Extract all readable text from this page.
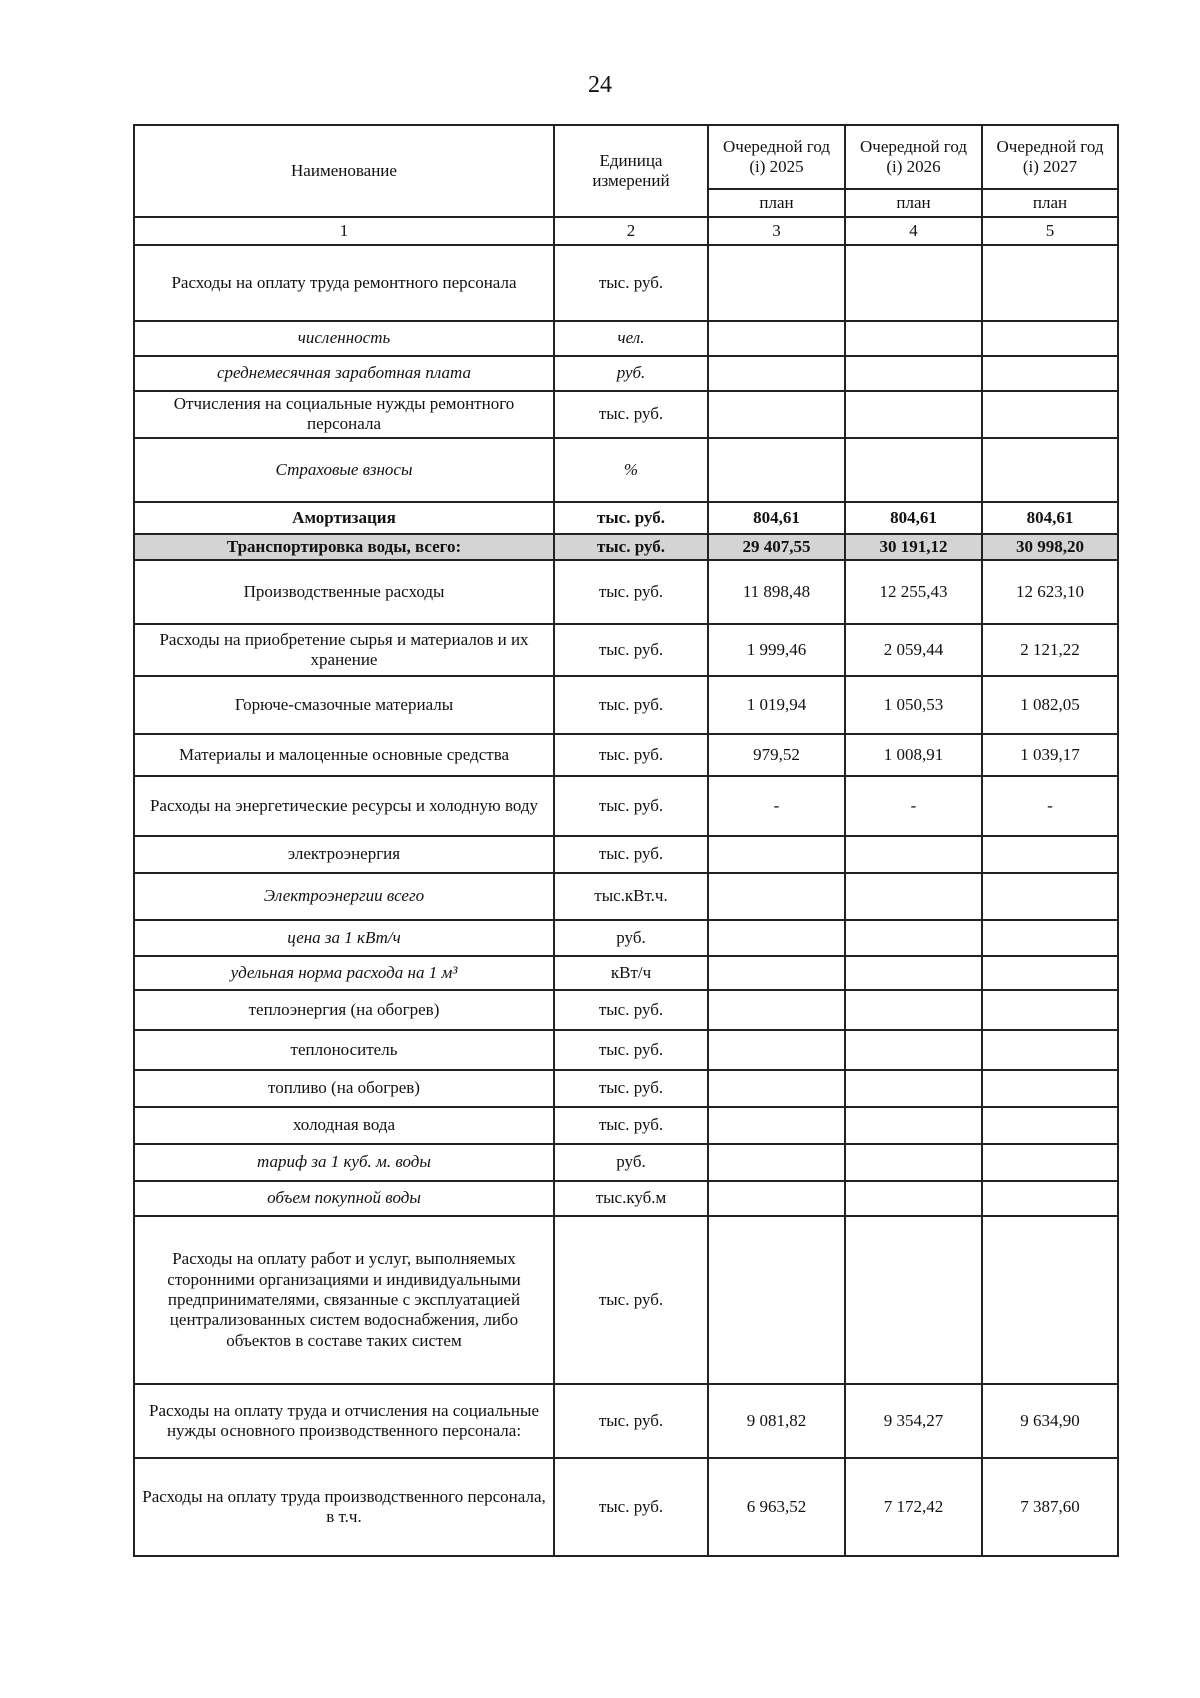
24
Наименование	Единица измерений	Очередной год (i) 2025	Очередной год (i) 2026	Очередной год (i) 2027
		план	план	план
1	2	3	4	5
Расходы на оплату труда ремонтного персонала	тыс. руб.			
численность	чел.			
среднемесячная заработная плата	руб.			
Отчисления на социальные нужды ремонтного персонала	тыс. руб.			
Страховые взносы	%			
Амортизация	тыс. руб.	804,61	804,61	804,61
Транспортировка воды, всего:	тыс. руб.	29 407,55	30 191,12	30 998,20
Производственные расходы	тыс. руб.	11 898,48	12 255,43	12 623,10
Расходы на приобретение сырья и материалов и их хранение	тыс. руб.	1 999,46	2 059,44	2 121,22
Горюче-смазочные материалы	тыс. руб.	1 019,94	1 050,53	1 082,05
Материалы и малоценные основные средства	тыс. руб.	979,52	1 008,91	1 039,17
Расходы на энергетические ресурсы и холодную воду	тыс. руб.	-	-	-
электроэнергия	тыс. руб.			
Электроэнергии всего	тыс.кВт.ч.			
цена за 1 кВт/ч	руб.			
удельная норма расхода на 1 м³	кВт/ч			
теплоэнергия (на обогрев)	тыс. руб.			
теплоноситель	тыс. руб.			
топливо (на обогрев)	тыс. руб.			
холодная вода	тыс. руб.			
тариф за 1 куб. м. воды	руб.			
объем покупной воды	тыс.куб.м			
Расходы на оплату работ и услуг, выполняемых сторонними организациями и индивидуальными предпринимателями, связанные с эксплуатацией централизованных систем водоснабжения, либо объектов в составе таких систем	тыс. руб.			
Расходы на оплату труда и отчисления на социальные нужды основного производственного персонала:	тыс. руб.	9 081,82	9 354,27	9 634,90
Расходы на оплату труда производственного персонала, в т.ч.	тыс. руб.	6 963,52	7 172,42	7 387,60
